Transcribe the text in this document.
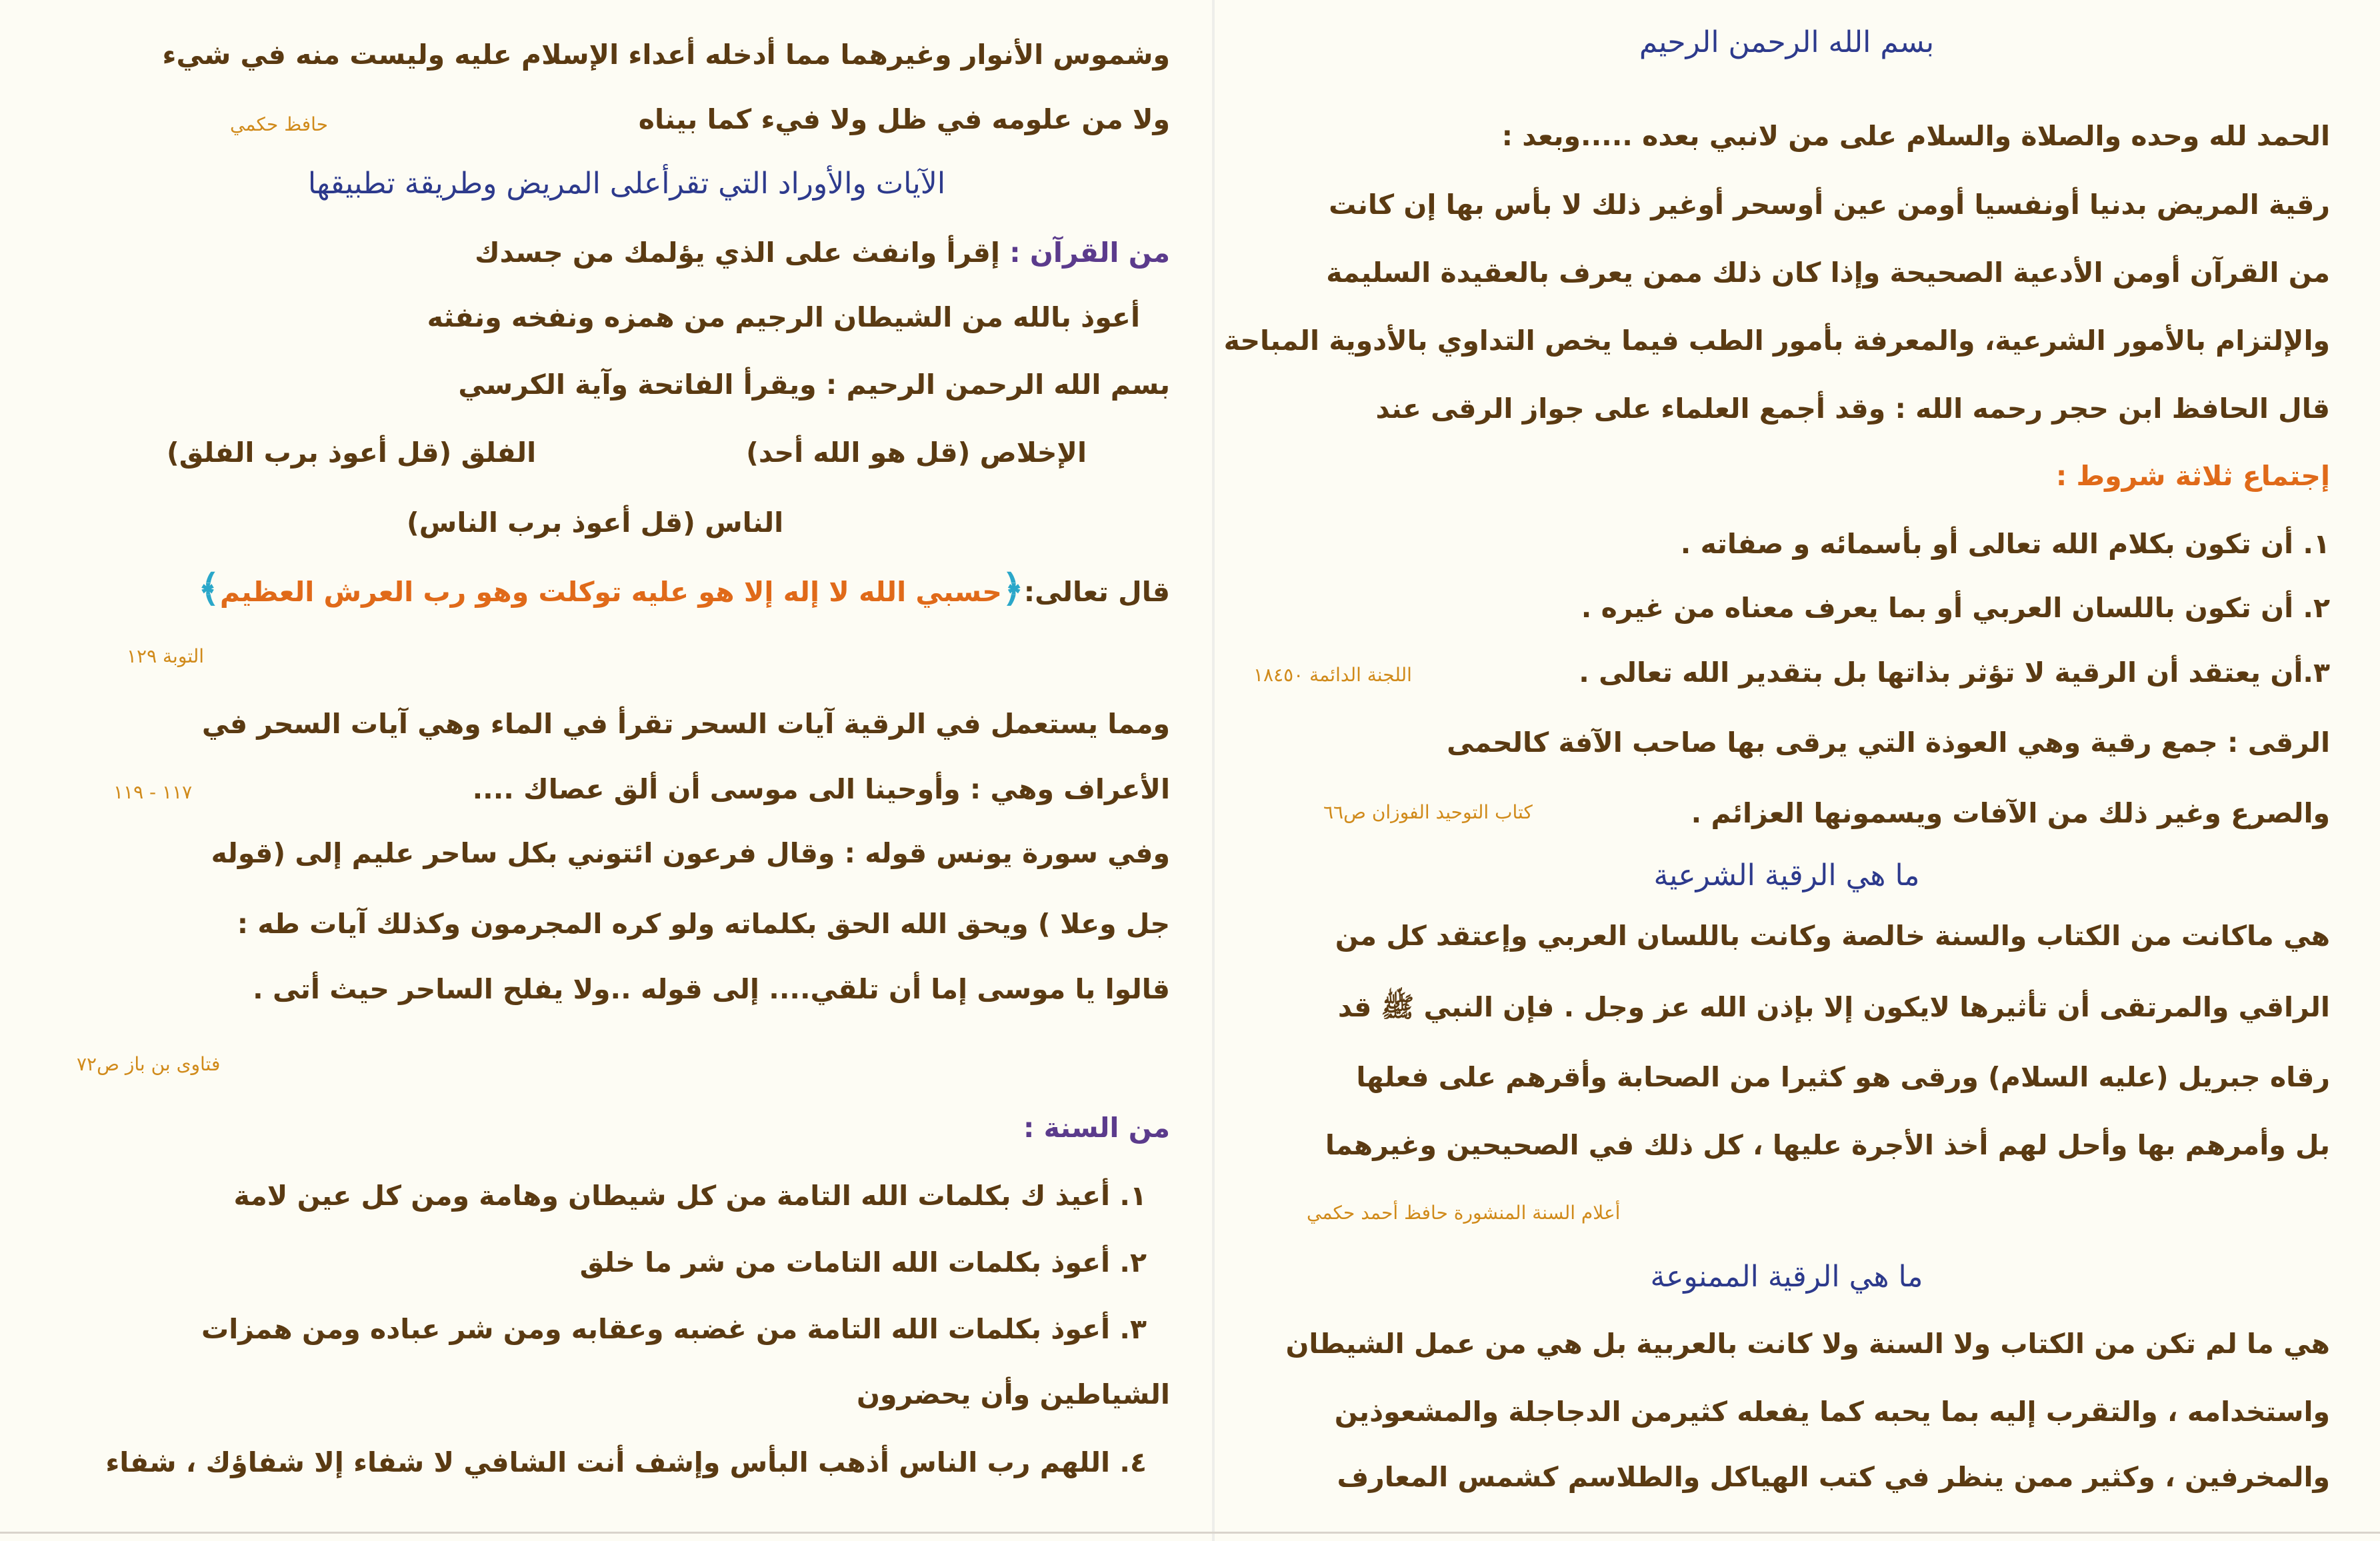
بسم الله الرحمن الرحيم

الحمد لله وحده والصلاة والسلام على من لانبي بعده .....وبعد :

رقية المريض بدنيا أونفسيا أومن عين أوسحر أوغير ذلك لا بأس بها إن كانت

من القرآن أومن الأدعية الصحيحة وإذا كان ذلك ممن يعرف بالعقيدة السليمة

والإلتزام بالأمور الشرعية، والمعرفة بأمور الطب فيما يخص التداوي بالأدوية المباحة

قال الحافظ ابن حجر رحمه الله : وقد أجمع العلماء على جواز الرقى عند

إجتماع ثلاثة شروط :

١. أن تكون بكلام الله تعالى أو بأسمائه و صفاته .

٢. أن تكون باللسان العربي أو بما يعرف معناه من غيره .

٣.أن يعتقد أن الرقية لا تؤثر بذاتها بل بتقدير الله تعالى .

اللجنة الدائمة ١٨٤٥٠

الرقى : جمع رقية وهي العوذة التي يرقى بها صاحب الآفة كالحمى

والصرع وغير ذلك من الآفات ويسمونها العزائم .

كتاب التوحيد الفوزان ص٦٦

ما هي الرقية الشرعية

هي ماكانت من الكتاب والسنة خالصة وكانت باللسان العربي وإعتقد كل من

الراقي والمرتقى أن تأثيرها لايكون إلا بإذن الله عز وجل . فإن النبي ﷺ قد

رقاه جبريل (عليه السلام) ورقى هو كثيرا من الصحابة وأقرهم على فعلها

بل وأمرهم بها وأحل لهم أخذ الأجرة عليها ، كل ذلك في الصحيحين وغيرهما

أعلام السنة المنشورة حافظ أحمد حكمي

ما هي الرقية الممنوعة

هي ما لم تكن من الكتاب ولا السنة ولا كانت بالعربية بل هي من عمل الشيطان

واستخدامه ، والتقرب إليه بما يحبه كما يفعله كثيرمن الدجاجلة والمشعوذين

والمخرفين ، وكثير ممن ينظر في كتب الهياكل والطلاسم كشمس المعارف

وشموس الأنوار وغيرهما مما أدخله أعداء الإسلام عليه وليست منه في شيء

ولا من علومه في ظل ولا فيء كما بيناه

حافظ حكمي

الآيات والأوراد التي تقرأعلى المريض وطريقة تطبيقها

من القرآن : إقرأ وانفث على الذي يؤلمك من جسدك

أعوذ بالله من الشيطان الرجيم من همزه ونفخه ونفثه

بسم الله الرحمن الرحيم : ويقرأ الفاتحة وآية الكرسي

الإخلاص (قل هو الله أحد)

الفلق (قل أعوذ برب الفلق)

الناس (قل أعوذ برب الناس)

قال تعالى:﴿حسبي الله لا إله إلا هو عليه توكلت وهو رب العرش العظيم﴾

التوبة ١٢٩

ومما يستعمل في الرقية آيات السحر تقرأ في الماء وهي آيات السحر في

الأعراف وهي : وأوحينا الى موسى أن ألق عصاك ....

١١٧ - ١١٩

وفي سورة يونس قوله : وقال فرعون ائتوني بكل ساحر عليم إلى (قوله

جل وعلا ) ويحق الله الحق بكلماته ولو كره المجرمون وكذلك آيات طه :

قالوا يا موسى إما أن تلقي.... إلى قوله ..ولا يفلح الساحر حيث أتى .

فتاوى بن باز ص٧٢

من السنة :

١. أعيذ ك بكلمات الله التامة من كل شيطان وهامة ومن كل عين لامة

٢. أعوذ بكلمات الله التامات من شر ما خلق

٣. أعوذ بكلمات الله التامة من غضبه وعقابه ومن شر عباده ومن همزات

الشياطين وأن يحضرون

٤. اللهم رب الناس أذهب البأس وإشف أنت الشافي لا شفاء إلا شفاؤك ، شفاء
